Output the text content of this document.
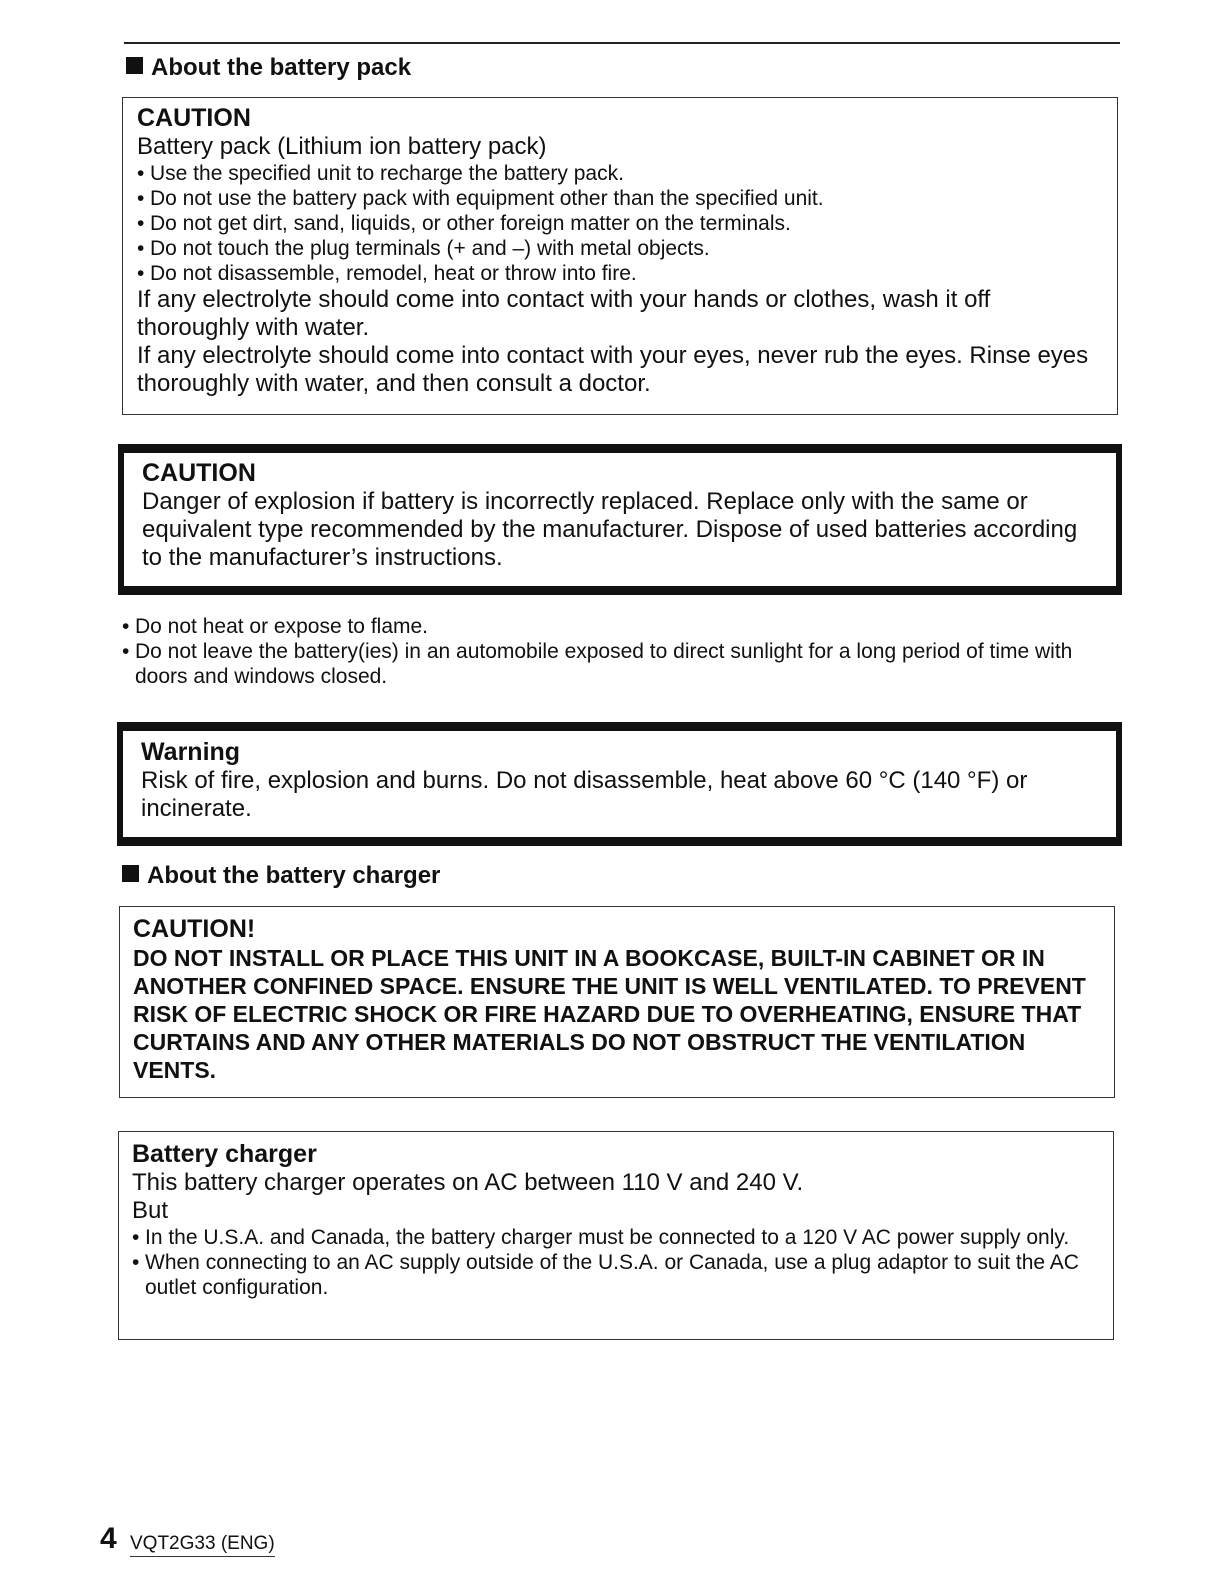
About the battery pack
CAUTION
Battery pack (Lithium ion battery pack)
• Use the specified unit to recharge the battery pack.
• Do not use the battery pack with equipment other than the specified unit.
• Do not get dirt, sand, liquids, or other foreign matter on the terminals.
• Do not touch the plug terminals (+ and –) with metal objects.
• Do not disassemble, remodel, heat or throw into fire.
If any electrolyte should come into contact with your hands or clothes, wash it off thoroughly with water.
If any electrolyte should come into contact with your eyes, never rub the eyes. Rinse eyes thoroughly with water, and then consult a doctor.
CAUTION
Danger of explosion if battery is incorrectly replaced. Replace only with the same or equivalent type recommended by the manufacturer. Dispose of used batteries according to the manufacturer’s instructions.
• Do not heat or expose to flame.
• Do not leave the battery(ies) in an automobile exposed to direct sunlight for a long period of time with doors and windows closed.
Warning
Risk of fire, explosion and burns. Do not disassemble, heat above 60 °C (140 °F) or incinerate.
About the battery charger
CAUTION!
DO NOT INSTALL OR PLACE THIS UNIT IN A BOOKCASE, BUILT-IN CABINET OR IN ANOTHER CONFINED SPACE. ENSURE THE UNIT IS WELL VENTILATED. TO PREVENT RISK OF ELECTRIC SHOCK OR FIRE HAZARD DUE TO OVERHEATING, ENSURE THAT CURTAINS AND ANY OTHER MATERIALS DO NOT OBSTRUCT THE VENTILATION VENTS.
Battery charger
This battery charger operates on AC between 110 V and 240 V.
But
• In the U.S.A. and Canada, the battery charger must be connected to a 120 V AC power supply only.
• When connecting to an AC supply outside of the U.S.A. or Canada, use a plug adaptor to suit the AC outlet configuration.
4 VQT2G33 (ENG)
